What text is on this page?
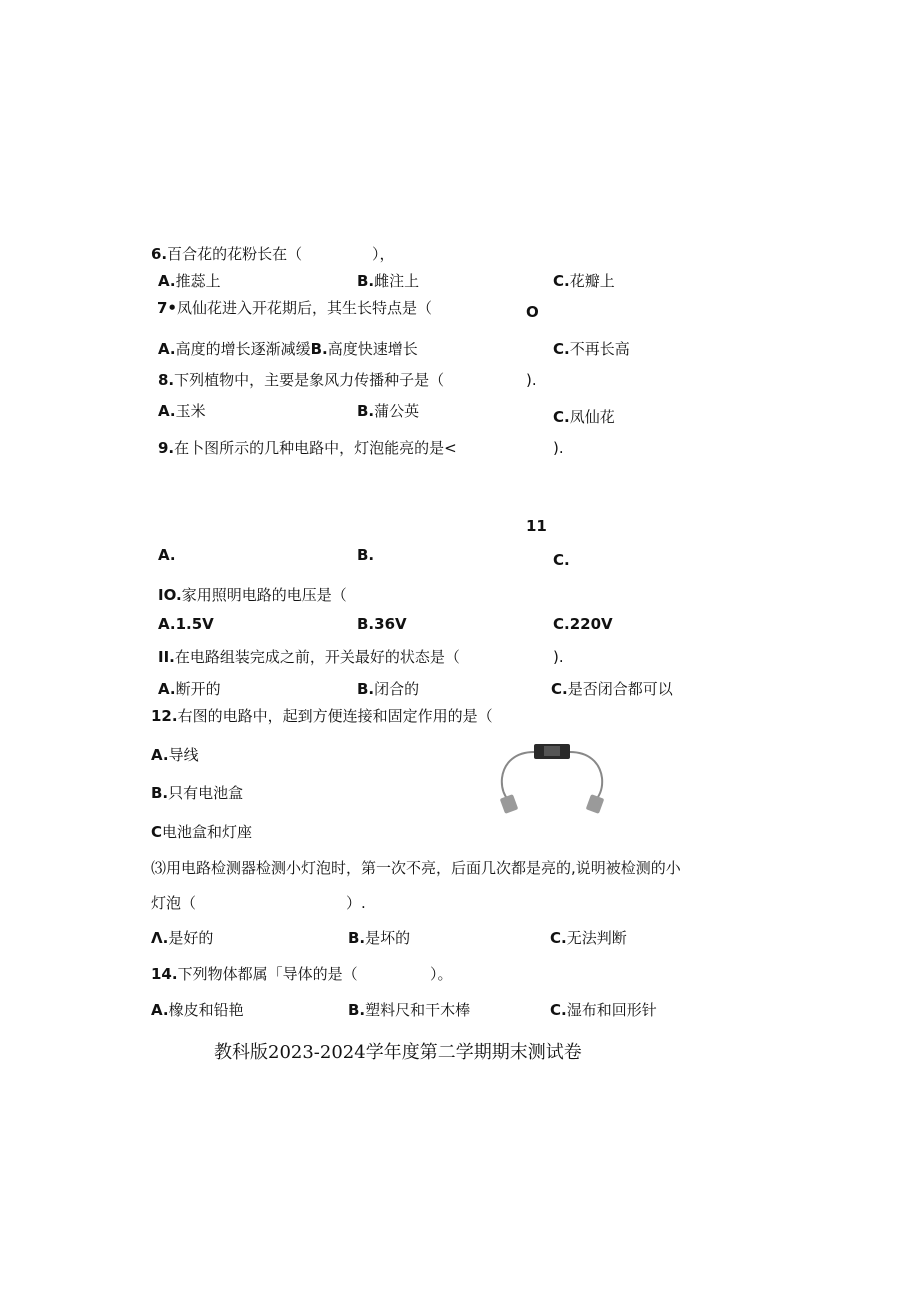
6.百合花的花粉长在（	），
A.推蕊上	B.雌注上	C.花瓣上
7•凤仙花进入开花期后，其生长特点是（	O
A.高度的增长逐渐减缓B.高度快速增长	C.不再长高
8.下列植物中，主要是象风力传播种子是（	).
A.玉米	B.蒲公英	C.凤仙花
9.在卜图所示的几种电路中，灯泡能亮的是<	).
11
A.	B.	C.
IO.家用照明电路的电压是（
A.1.5V	B.36V	C.220V
II.在电路组装完成之前，开关最好的状态是（	).
A.断开的	B.闭合的	C.是否闭合都可以
12.右图的电路中，起到方便连接和固定作用的是（
A.导线
B.只有电池盒
C电池盒和灯座
⑶用电路检测器检测小灯泡时，第一次不亮，后面几次都是亮的,说明被检测的小
灯泡（	）.
Λ.是好的	B.是坏的	C.无法判断
14.下列物体都属「导体的是（	）。
A.橡皮和铅艳	B.塑料尺和干木棒	C.湿布和回形针
教科版2023-2024学年度第二学期期末测试卷
